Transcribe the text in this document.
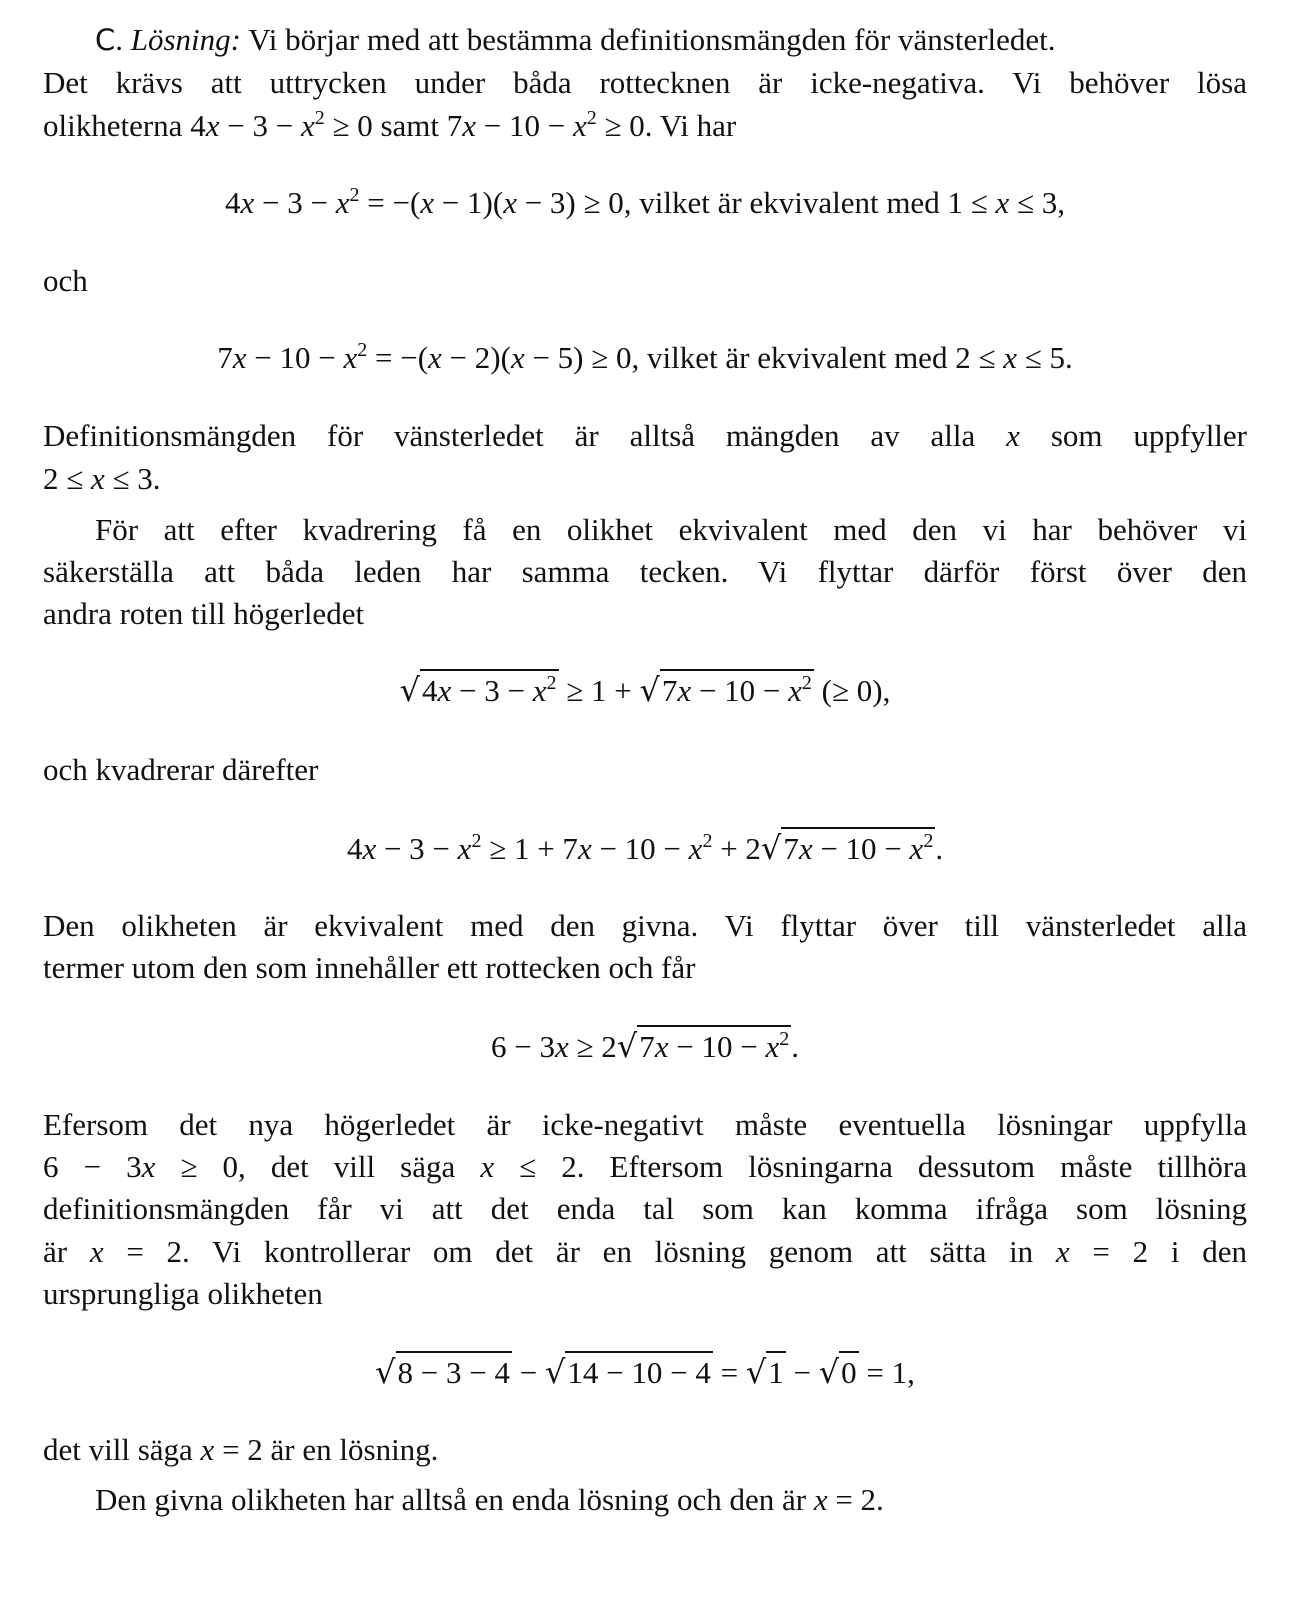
C. Lösning: Vi börjar med att bestämma definitionsmängden för vänsterledet.
Det krävs att uttrycken under båda rottecknen är icke-negativa. Vi behöver lösa
olikheterna $4x - 3 - x^2 \ge 0$ samt $7x - 10 - x^2 \ge 0$. Vi har
$4x - 3 - x^2 = -(x - 1)(x - 3) \ge 0$, vilket är ekvivalent med 1 ≤ x ≤ 3,
och
$7x - 10 - x^2 = -(x - 2)(x - 5) \ge 0$, vilket är ekvivalent med 2 ≤ x ≤ 5.
Definitionsmängden för vänsterledet är alltså mängden av alla x som uppfyller
2 ≤ x ≤ 3.
För att efter kvadrering få en olikhet ekvivalent med den vi har behöver vi
säkerställa att båda leden har samma tecken. Vi flyttar därför först över den
andra roten till högerledet
$√4x - 3 - x^2 \ge 1 + √7x - 10 - x^2$ (≥ 0),
och kvadrerar därefter
$4x - 3 - x^2 \ge 1 + 7x - 10 - x^2 + 2√7x - 10 - x^2$.
Den olikheten är ekvivalent med den givna. Vi flyttar över till vänsterledet alla
termer utom den som innehåller ett rottecken och får
$6 - 3x \ge 2√7x - 10 - x^2$.
Efersom det nya högerledet är icke-negativt måste eventuella lösningar uppfylla
6 − 3x ≥ 0, det vill säga x ≤ 2. Eftersom lösningarna dessutom måste tillhöra
definitionsmängden får vi att det enda tal som kan komma ifråga som lösning
är x = 2. Vi kontrollerar om det är en lösning genom att sätta in x = 2 i den
ursprungliga olikheten
√8 − 3 − 4 − √14 − 10 − 4 = √1 − √0 = 1,
det vill säga x = 2 är en lösning.
Den givna olikheten har alltså en enda lösning och den är x = 2.
